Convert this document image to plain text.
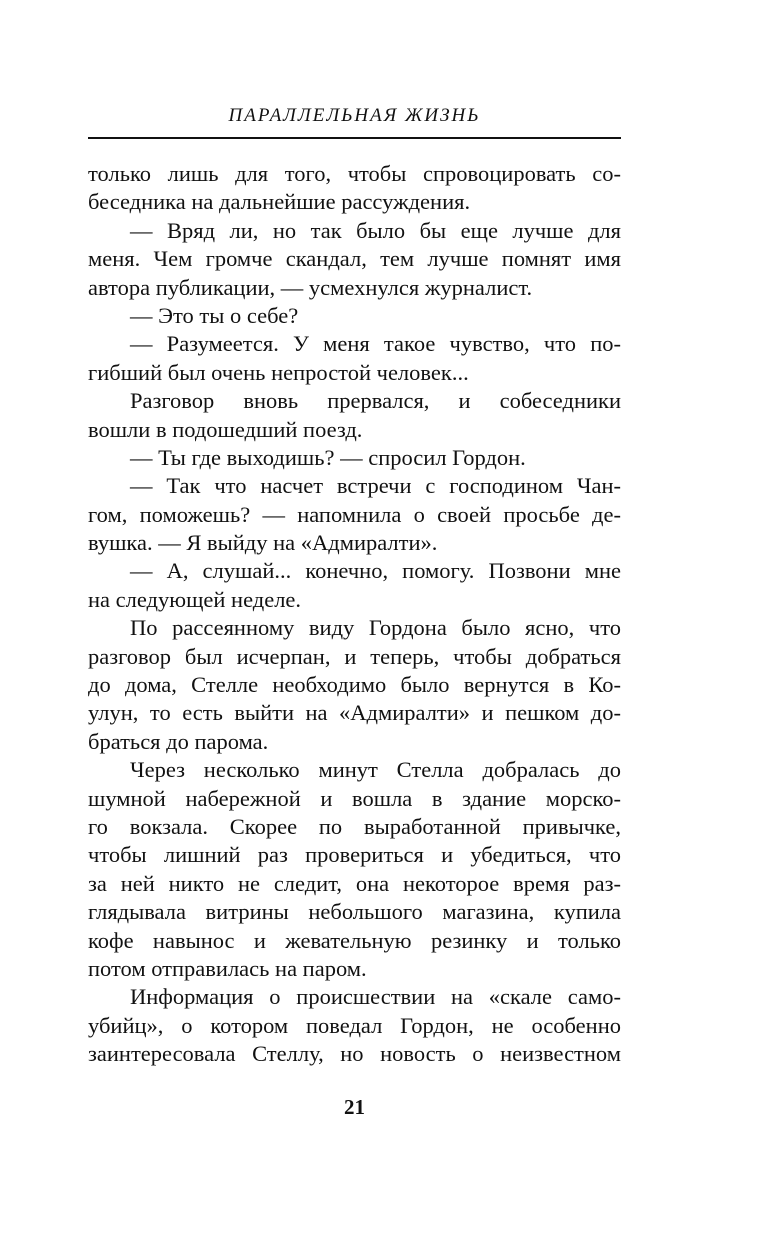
ПАРАЛЛЕЛЬНАЯ ЖИЗНЬ
только лишь для того, чтобы спровоцировать со-
беседника на дальнейшие рассуждения.
— Вряд ли, но так было бы еще лучше для
меня. Чем громче скандал, тем лучше помнят имя
автора публикации, — усмехнулся журналист.
— Это ты о себе?
— Разумеется. У меня такое чувство, что по-
гибший был очень непростой человек...
Разговор вновь прервался, и собеседники
вошли в подошедший поезд.
— Ты где выходишь? — спросил Гордон.
— Так что насчет встречи с господином Чан-
гом, поможешь? — напомнила о своей просьбе де-
вушка. — Я выйду на «Адмиралти».
— А, слушай... конечно, помогу. Позвони мне
на следующей неделе.
По рассеянному виду Гордона было ясно, что
разговор был исчерпан, и теперь, чтобы добраться
до дома, Стелле необходимо было вернутся в Ко-
улун, то есть выйти на «Адмиралти» и пешком до-
браться до парома.
Через несколько минут Стелла добралась до
шумной набережной и вошла в здание морско-
го вокзала. Скорее по выработанной привычке,
чтобы лишний раз провериться и убедиться, что
за ней никто не следит, она некоторое время раз-
глядывала витрины небольшого магазина, купила
кофе навынос и жевательную резинку и только
потом отправилась на паром.
Информация о происшествии на «скале само-
убийц», о котором поведал Гордон, не особенно
заинтересовала Стеллу, но новость о неизвестном
21
